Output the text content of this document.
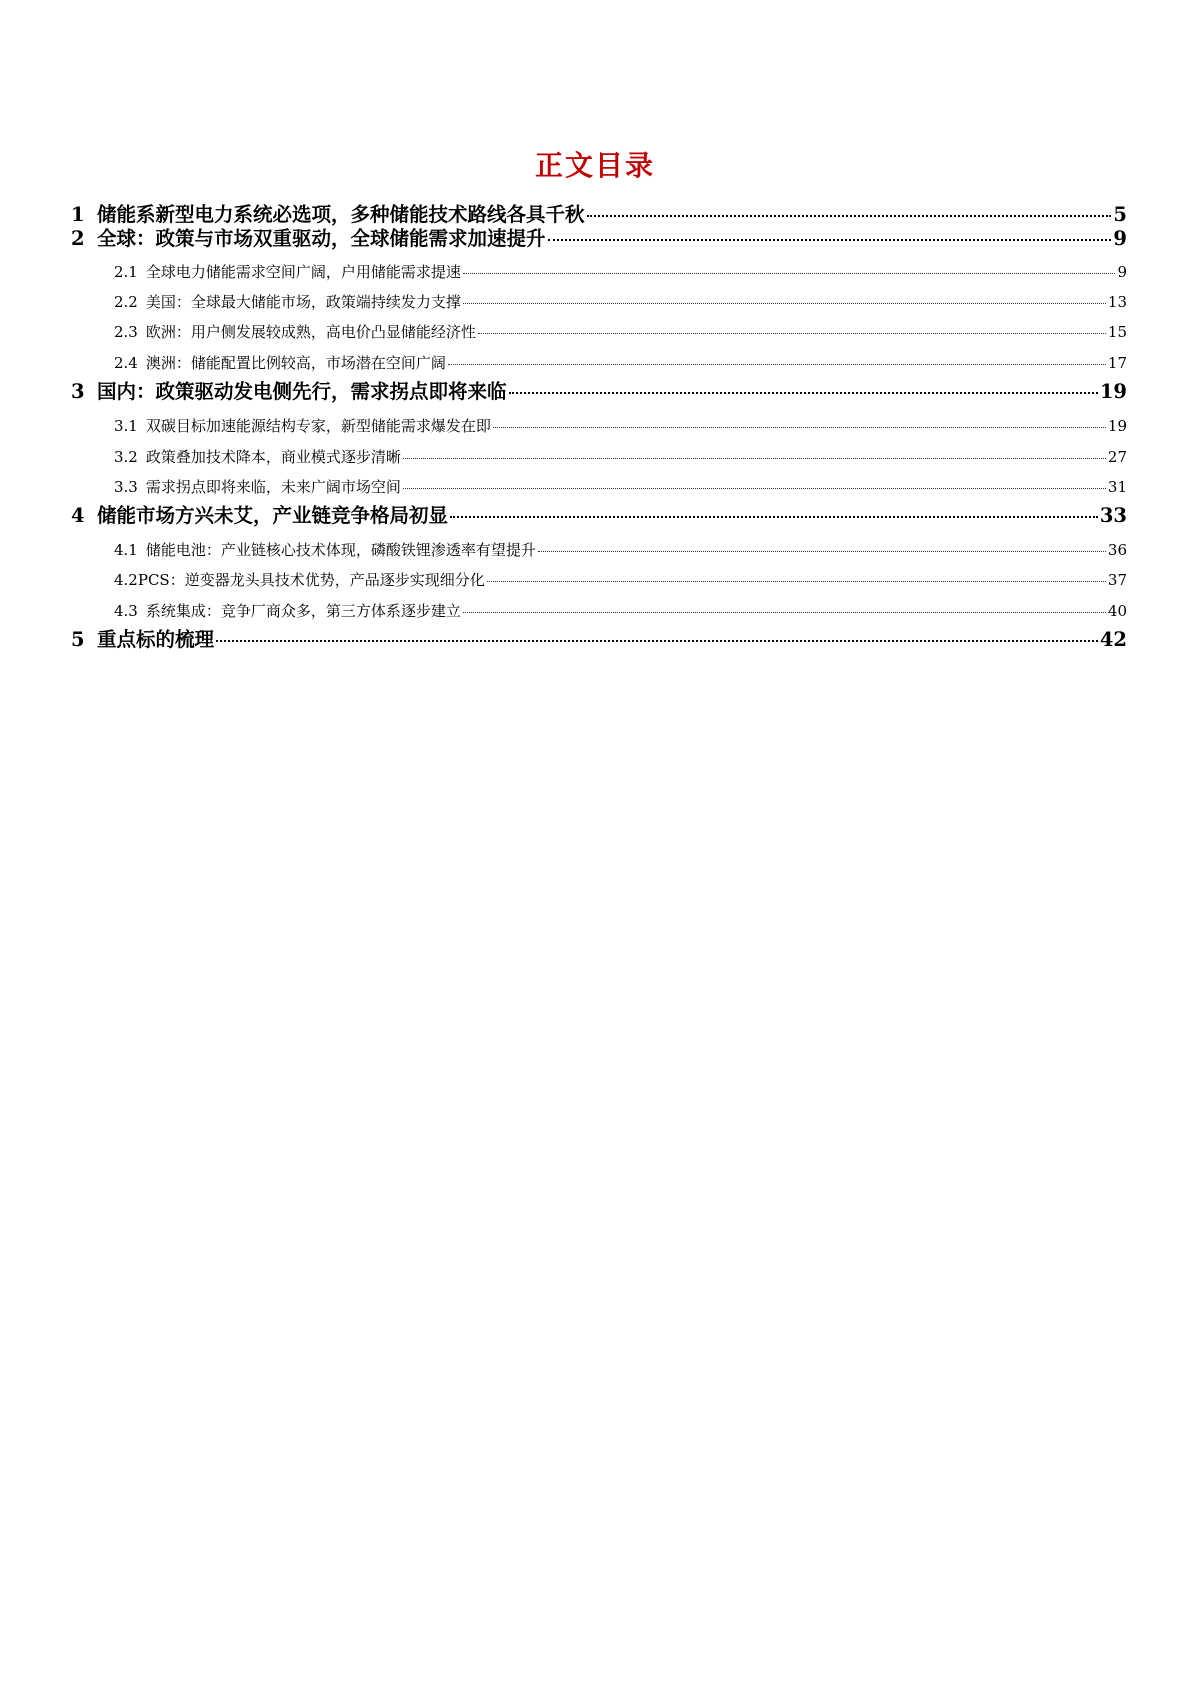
正文目录
1 储能系新型电力系统必选项，多种储能技术路线各具千秋	5
2 全球：政策与市场双重驱动，全球储能需求加速提升	9
2.1 全球电力储能需求空间广阔，户用储能需求提速	9
2.2 美国：全球最大储能市场，政策端持续发力支撑	13
2.3 欧洲：用户侧发展较成熟，高电价凸显储能经济性	15
2.4 澳洲：储能配置比例较高，市场潜在空间广阔	17
3 国内：政策驱动发电侧先行，需求拐点即将来临	19
3.1 双碳目标加速能源结构专家，新型储能需求爆发在即	19
3.2 政策叠加技术降本，商业模式逐步清晰	27
3.3 需求拐点即将来临，未来广阔市场空间	31
4 储能市场方兴未艾，产业链竞争格局初显	33
4.1 储能电池：产业链核心技术体现，磷酸铁锂渗透率有望提升	36
4.2 PCS：逆变器龙头具技术优势，产品逐步实现细分化	37
4.3 系统集成：竞争厂商众多，第三方体系逐步建立	40
5 重点标的梳理	42
